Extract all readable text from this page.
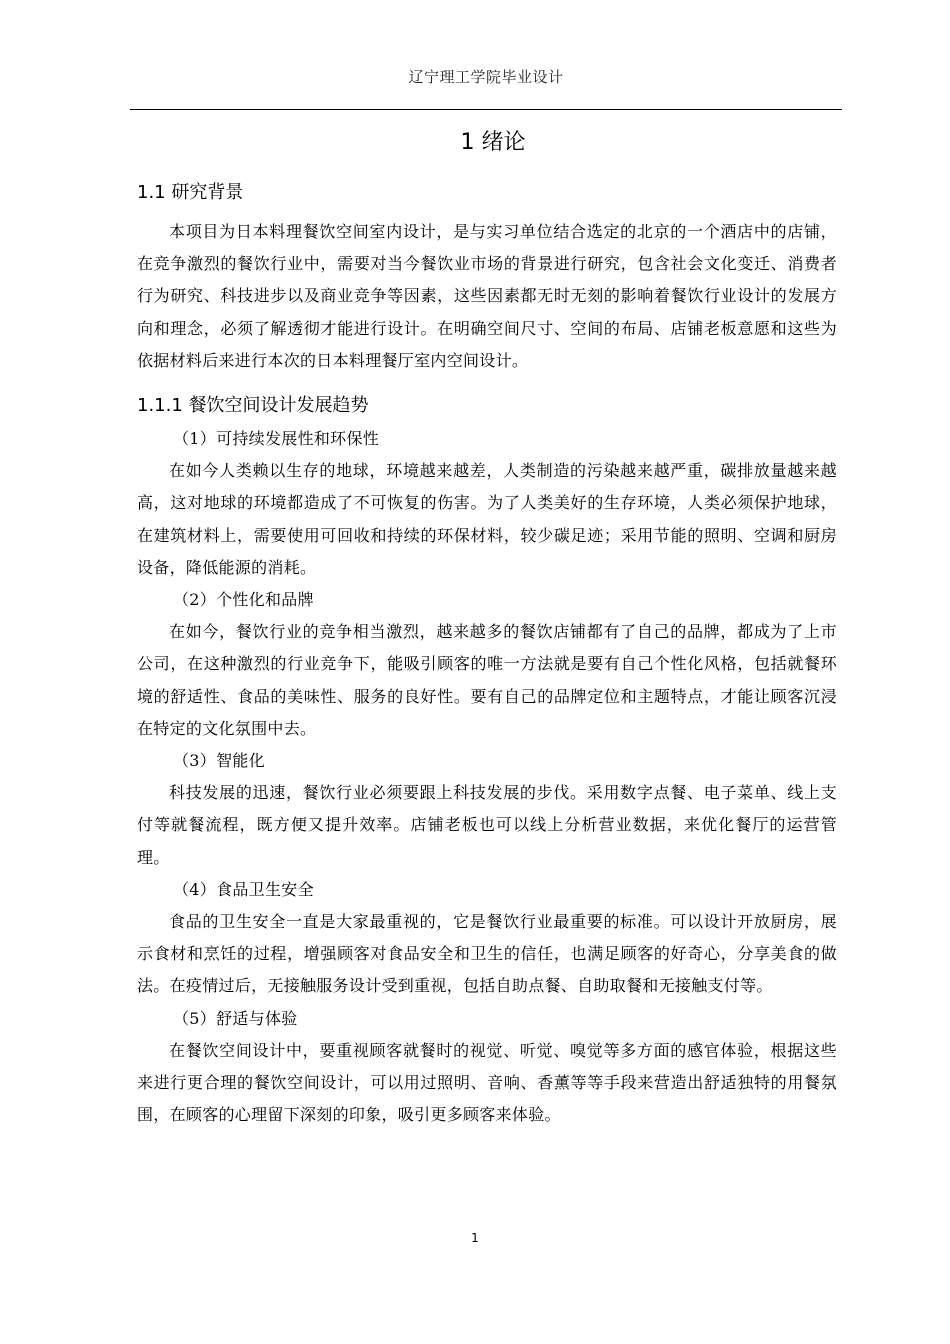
辽宁理工学院毕业设计
1 绪论
1.1 研究背景

本项目为日本料理餐饮空间室内设计，是与实习单位结合选定的北京的一个酒店中的店铺，在竞争激烈的餐饮行业中，需要对当今餐饮业市场的背景进行研究，包含社会文化变迁、消费者行为研究、科技进步以及商业竞争等因素，这些因素都无时无刻的影响着餐饮行业设计的发展方向和理念，必须了解透彻才能进行设计。在明确空间尺寸、空间的布局、店铺老板意愿和这些为依据材料后来进行本次的日本料理餐厅室内空间设计。

1.1.1 餐饮空间设计发展趋势
（1）可持续发展性和环保性

在如今人类赖以生存的地球，环境越来越差，人类制造的污染越来越严重，碳排放量越来越高，这对地球的环境都造成了不可恢复的伤害。为了人类美好的生存环境，人类必须保护地球，在建筑材料上，需要使用可回收和持续的环保材料，较少碳足迹；采用节能的照明、空调和厨房设备，降低能源的消耗。

（2）个性化和品牌

在如今，餐饮行业的竞争相当激烈，越来越多的餐饮店铺都有了自己的品牌，都成为了上市公司，在这种激烈的行业竞争下，能吸引顾客的唯一方法就是要有自己个性化风格，包括就餐环境的舒适性、食品的美味性、服务的良好性。要有自己的品牌定位和主题特点，才能让顾客沉浸在特定的文化氛围中去。

（3）智能化

科技发展的迅速，餐饮行业必须要跟上科技发展的步伐。采用数字点餐、电子菜单、线上支付等就餐流程，既方便又提升效率。店铺老板也可以线上分析营业数据，来优化餐厅的运营管理。

（4）食品卫生安全

食品的卫生安全一直是大家最重视的，它是餐饮行业最重要的标准。可以设计开放厨房，展示食材和烹饪的过程，增强顾客对食品安全和卫生的信任，也满足顾客的好奇心，分享美食的做法。在疫情过后，无接触服务设计受到重视，包括自助点餐、自助取餐和无接触支付等。

（5）舒适与体验

在餐饮空间设计中，要重视顾客就餐时的视觉、听觉、嗅觉等多方面的感官体验，根据这些来进行更合理的餐饮空间设计，可以用过照明、音响、香薰等等手段来营造出舒适独特的用餐氛围，在顾客的心理留下深刻的印象，吸引更多顾客来体验。

1
